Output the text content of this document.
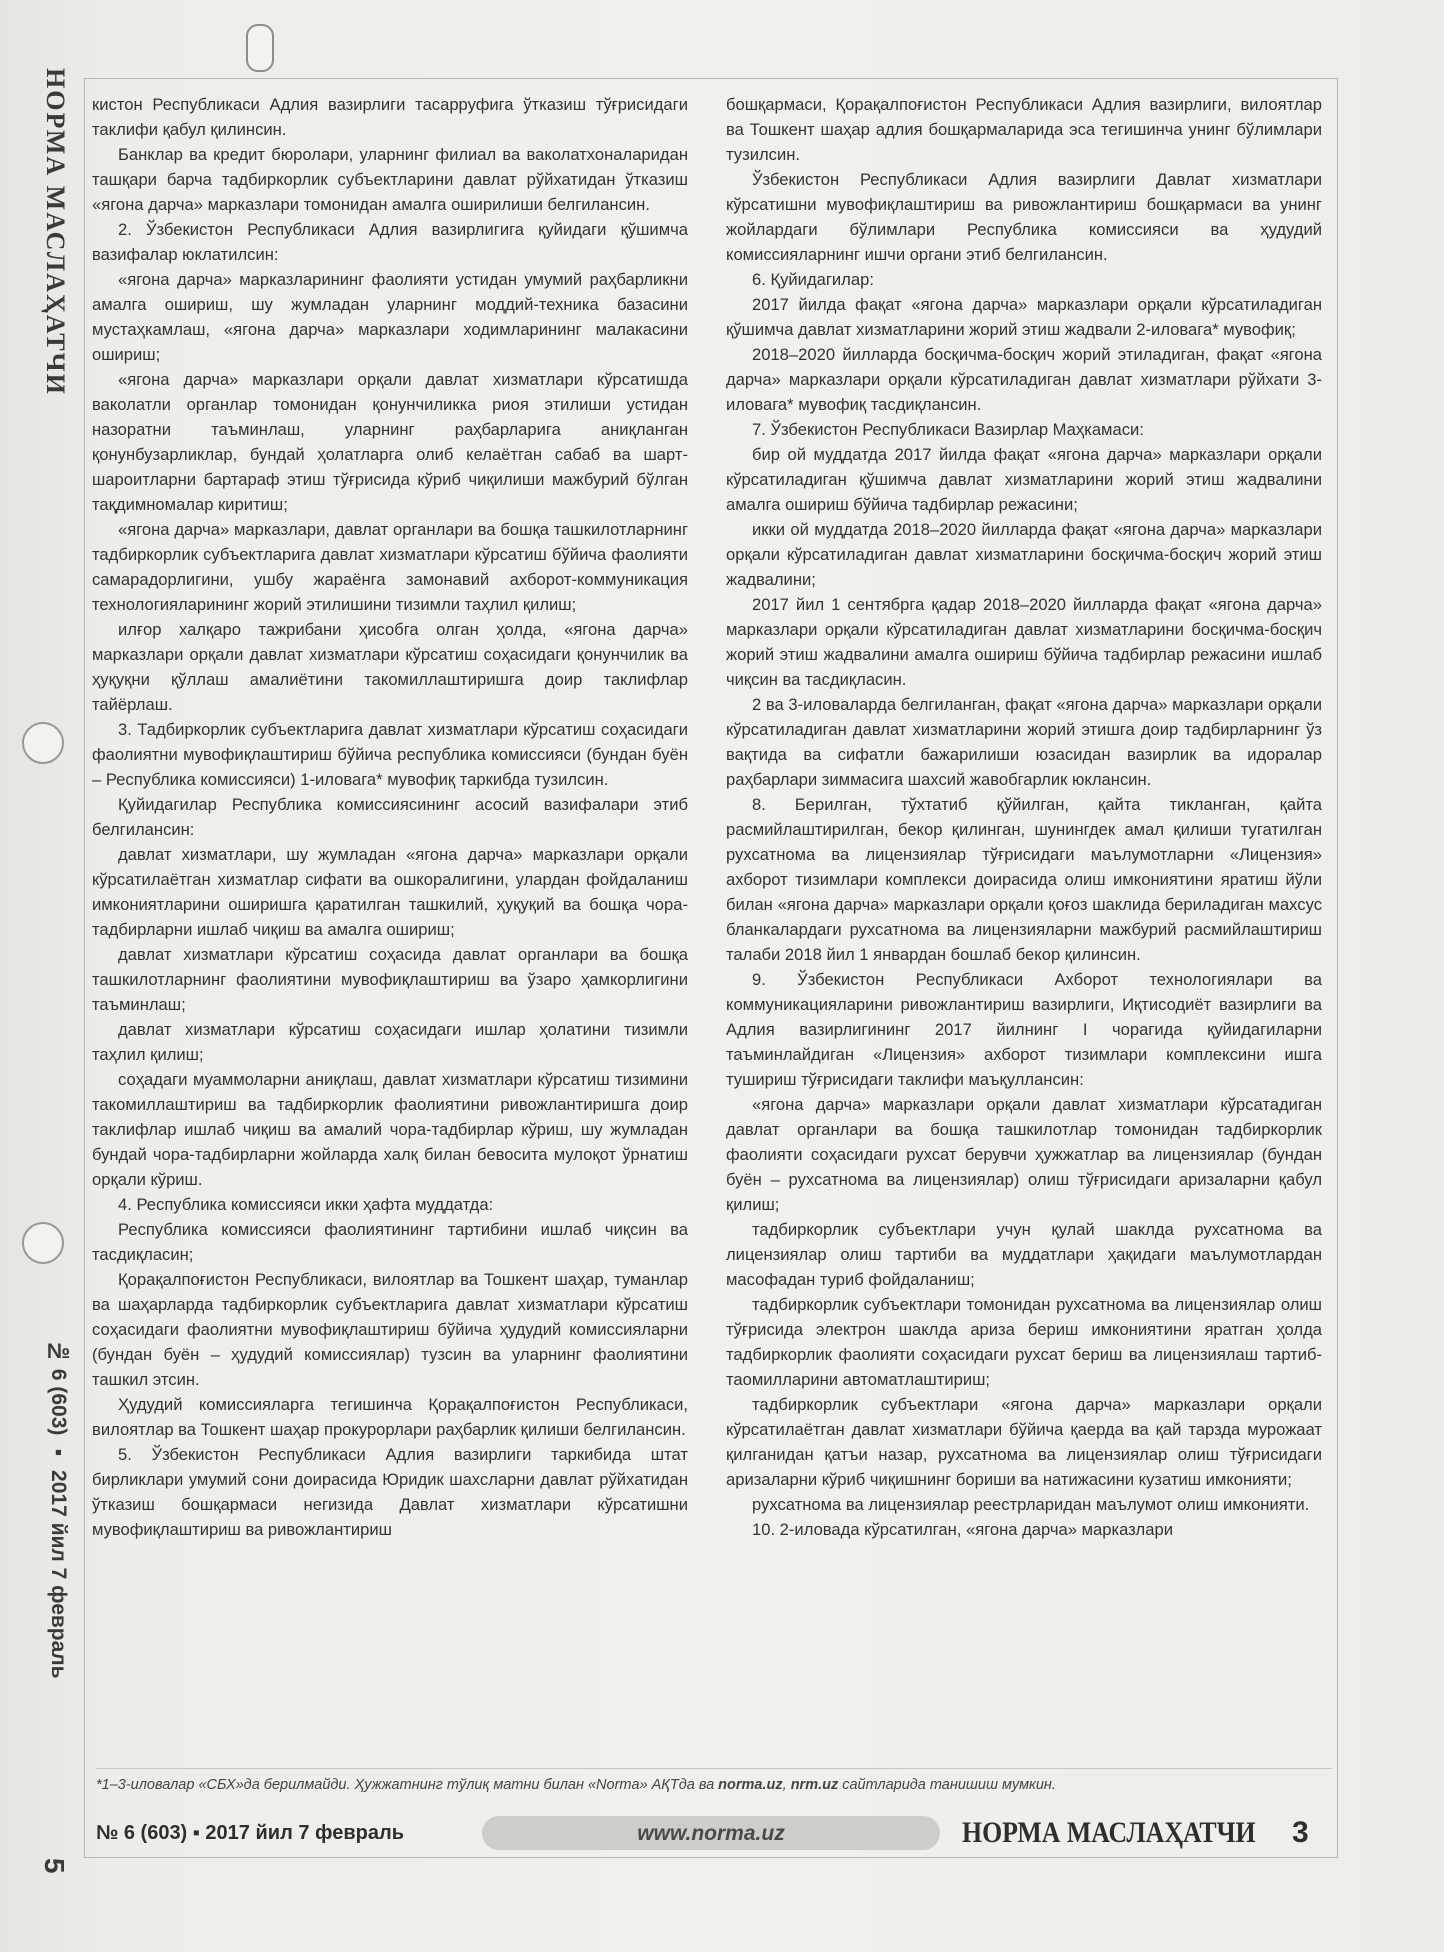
НОРМА МАСЛАҲАТЧИ
№ 6 (603) ▪ 2017 йил 7 февраль
5

кистон Республикаси Адлия вазирлиги тасарруфига ўтказиш тўғрисидаги таклифи қабул қилинсин.

Банклар ва кредит бюролари, уларнинг филиал ва ваколатхоналаридан ташқари барча тадбиркорлик субъектларини давлат рўйхатидан ўтказиш «ягона дарча» марказлари томонидан амалга оширилиши белгилансин.

2. Ўзбекистон Республикаси Адлия вазирлигига қуйидаги қўшимча вазифалар юклатилсин:

«ягона дарча» марказларининг фаолияти устидан умумий раҳбарликни амалга ошириш, шу жумладан уларнинг моддий-техника базасини мустаҳкамлаш, «ягона дарча» марказлари ходимларининг малакасини ошириш;

«ягона дарча» марказлари орқали давлат хизматлари кўрсатишда ваколатли органлар томонидан қонунчиликка риоя этилиши устидан назоратни таъминлаш, уларнинг раҳбарларига аниқланган қонунбузарликлар, бундай ҳолатларга олиб келаётган сабаб ва шарт-шароитларни бартараф этиш тўғрисида кўриб чиқилиши мажбурий бўлган тақдимномалар киритиш;

«ягона дарча» марказлари, давлат органлари ва бошқа ташкилотларнинг тадбиркорлик субъектларига давлат хизматлари кўрсатиш бўйича фаолияти самарадорлигини, ушбу жараёнга замонавий ахборот-коммуникация технологияларининг жорий этилишини тизимли таҳлил қилиш;

илғор халқаро тажрибани ҳисобга олган ҳолда, «ягона дарча» марказлари орқали давлат хизматлари кўрсатиш соҳасидаги қонунчилик ва ҳуқуқни қўллаш амалиётини такомиллаштиришга доир таклифлар тайёрлаш.

3. Тадбиркорлик субъектларига давлат хизматлари кўрсатиш соҳасидаги фаолиятни мувофиқлаштириш бўйича республика комиссияси (бундан буён – Республика комиссияси) 1-иловага* мувофиқ таркибда тузилсин.

Қуйидагилар Республика комиссиясининг асосий вазифалари этиб белгилансин:

давлат хизматлари, шу жумладан «ягона дарча» марказлари орқали кўрсатилаётган хизматлар сифати ва ошкоралигини, улардан фойдаланиш имкониятларини оширишга қаратилган ташкилий, ҳуқуқий ва бошқа чора-тадбирларни ишлаб чиқиш ва амалга ошириш;

давлат хизматлари кўрсатиш соҳасида давлат органлари ва бошқа ташкилотларнинг фаолиятини мувофиқлаштириш ва ўзаро ҳамкорлигини таъминлаш;

давлат хизматлари кўрсатиш соҳасидаги ишлар ҳолатини тизимли таҳлил қилиш;

соҳадаги муаммоларни аниқлаш, давлат хизматлари кўрсатиш тизимини такомиллаштириш ва тадбиркорлик фаолиятини ривожлантиришга доир таклифлар ишлаб чиқиш ва амалий чора-тадбирлар кўриш, шу жумладан бундай чора-тадбирларни жойларда халқ билан бевосита мулоқот ўрнатиш орқали кўриш.

4. Республика комиссияси икки ҳафта муддатда:

Республика комиссияси фаолиятининг тартибини ишлаб чиқсин ва тасдиқласин;

Қорақалпоғистон Республикаси, вилоятлар ва Тошкент шаҳар, туманлар ва шаҳарларда тадбиркорлик субъектларига давлат хизматлари кўрсатиш соҳасидаги фаолиятни мувофиқлаштириш бўйича ҳудудий комиссияларни (бундан буён – ҳудудий комиссиялар) тузсин ва уларнинг фаолиятини ташкил этсин.

Ҳудудий комиссияларга тегишинча Қорақалпоғистон Республикаси, вилоятлар ва Тошкент шаҳар прокурорлари раҳбарлик қилиши белгилансин.

5. Ўзбекистон Республикаси Адлия вазирлиги таркибида штат бирликлари умумий сони доирасида Юридик шахсларни давлат рўйхатидан ўтказиш бошқармаси негизида Давлат хизматлари кўрсатишни мувофиқлаштириш ва ривожлантириш

бошқармаси, Қорақалпоғистон Республикаси Адлия вазирлиги, вилоятлар ва Тошкент шаҳар адлия бошқармаларида эса тегишинча унинг бўлимлари тузилсин.

Ўзбекистон Республикаси Адлия вазирлиги Давлат хизматлари кўрсатишни мувофиқлаштириш ва ривожлантириш бошқармаси ва унинг жойлардаги бўлимлари Республика комиссияси ва ҳудудий комиссияларнинг ишчи органи этиб белгилансин.

6. Қуйидагилар:

2017 йилда фақат «ягона дарча» марказлари орқали кўрсатиладиган қўшимча давлат хизматларини жорий этиш жадвали 2-иловага* мувофиқ;

2018–2020 йилларда босқичма-босқич жорий этиладиган, фақат «ягона дарча» марказлари орқали кўрсатиладиган давлат хизматлари рўйхати 3-иловага* мувофиқ тасдиқлансин.

7. Ўзбекистон Республикаси Вазирлар Маҳкамаси:

бир ой муддатда 2017 йилда фақат «ягона дарча» марказлари орқали кўрсатиладиган қўшимча давлат хизматларини жорий этиш жадвалини амалга ошириш бўйича тадбирлар режасини;

икки ой муддатда 2018–2020 йилларда фақат «ягона дарча» марказлари орқали кўрсатиладиган давлат хизматларини босқичма-босқич жорий этиш жадвалини;

2017 йил 1 сентябрга қадар 2018–2020 йилларда фақат «ягона дарча» марказлари орқали кўрсатиладиган давлат хизматларини босқичма-босқич жорий этиш жадвалини амалга ошириш бўйича тадбирлар режасини ишлаб чиқсин ва тасдиқласин.

2 ва 3-иловаларда белгиланган, фақат «ягона дарча» марказлари орқали кўрсатиладиган давлат хизматларини жорий этишга доир тадбирларнинг ўз вақтида ва сифатли бажарилиши юзасидан вазирлик ва идоралар раҳбарлари зиммасига шахсий жавобгарлик юклансин.

8. Берилган, тўхтатиб қўйилган, қайта тикланган, қайта расмийлаштирилган, бекор қилинган, шунингдек амал қилиши тугатилган рухсатнома ва лицензиялар тўғрисидаги маълумотларни «Лицензия» ахборот тизимлари комплекси доирасида олиш имкониятини яратиш йўли билан «ягона дарча» марказлари орқали қоғоз шаклида бериладиган махсус бланкалардаги рухсатнома ва лицензияларни мажбурий расмийлаштириш талаби 2018 йил 1 январдан бошлаб бекор қилинсин.

9. Ўзбекистон Республикаси Ахборот технологиялари ва коммуникацияларини ривожлантириш вазирлиги, Иқтисодиёт вазирлиги ва Адлия вазирлигининг 2017 йилнинг I чорагида қуйидагиларни таъминлайдиган «Лицензия» ахборот тизимлари комплексини ишга тушириш тўғрисидаги таклифи маъқуллансин:

«ягона дарча» марказлари орқали давлат хизматлари кўрсатадиган давлат органлари ва бошқа ташкилотлар томонидан тадбиркорлик фаолияти соҳасидаги рухсат берувчи ҳужжатлар ва лицензиялар (бундан буён – рухсатнома ва лицензиялар) олиш тўғрисидаги аризаларни қабул қилиш;

тадбиркорлик субъектлари учун қулай шаклда рухсатнома ва лицензиялар олиш тартиби ва муддатлари ҳақидаги маълумотлардан масофадан туриб фойдаланиш;

тадбиркорлик субъектлари томонидан рухсатнома ва лицензиялар олиш тўғрисида электрон шаклда ариза бериш имкониятини яратган ҳолда тадбиркорлик фаолияти соҳасидаги рухсат бериш ва лицензиялаш тартиб-таомилларини автоматлаштириш;

тадбиркорлик субъектлари «ягона дарча» марказлари орқали кўрсатилаётган давлат хизматлари бўйича қаерда ва қай тарзда мурожаат қилганидан қатъи назар, рухсатнома ва лицензиялар олиш тўғрисидаги аризаларни кўриб чиқишнинг бориши ва натижасини кузатиш имконияти;

рухсатнома ва лицензиялар реестрларидан маълумот олиш имконияти.

10. 2-иловада кўрсатилган, «ягона дарча» марказлари

*1–3-иловалар «СБХ»да берилмайди. Ҳужжатнинг тўлиқ матни билан «Norma» АҚТда ва norma.uz, nrm.uz сайтларида танишиш мумкин.
№ 6 (603) ▪ 2017 йил 7 февраль	www.norma.uz	НОРМА МАСЛАҲАТЧИ 3
